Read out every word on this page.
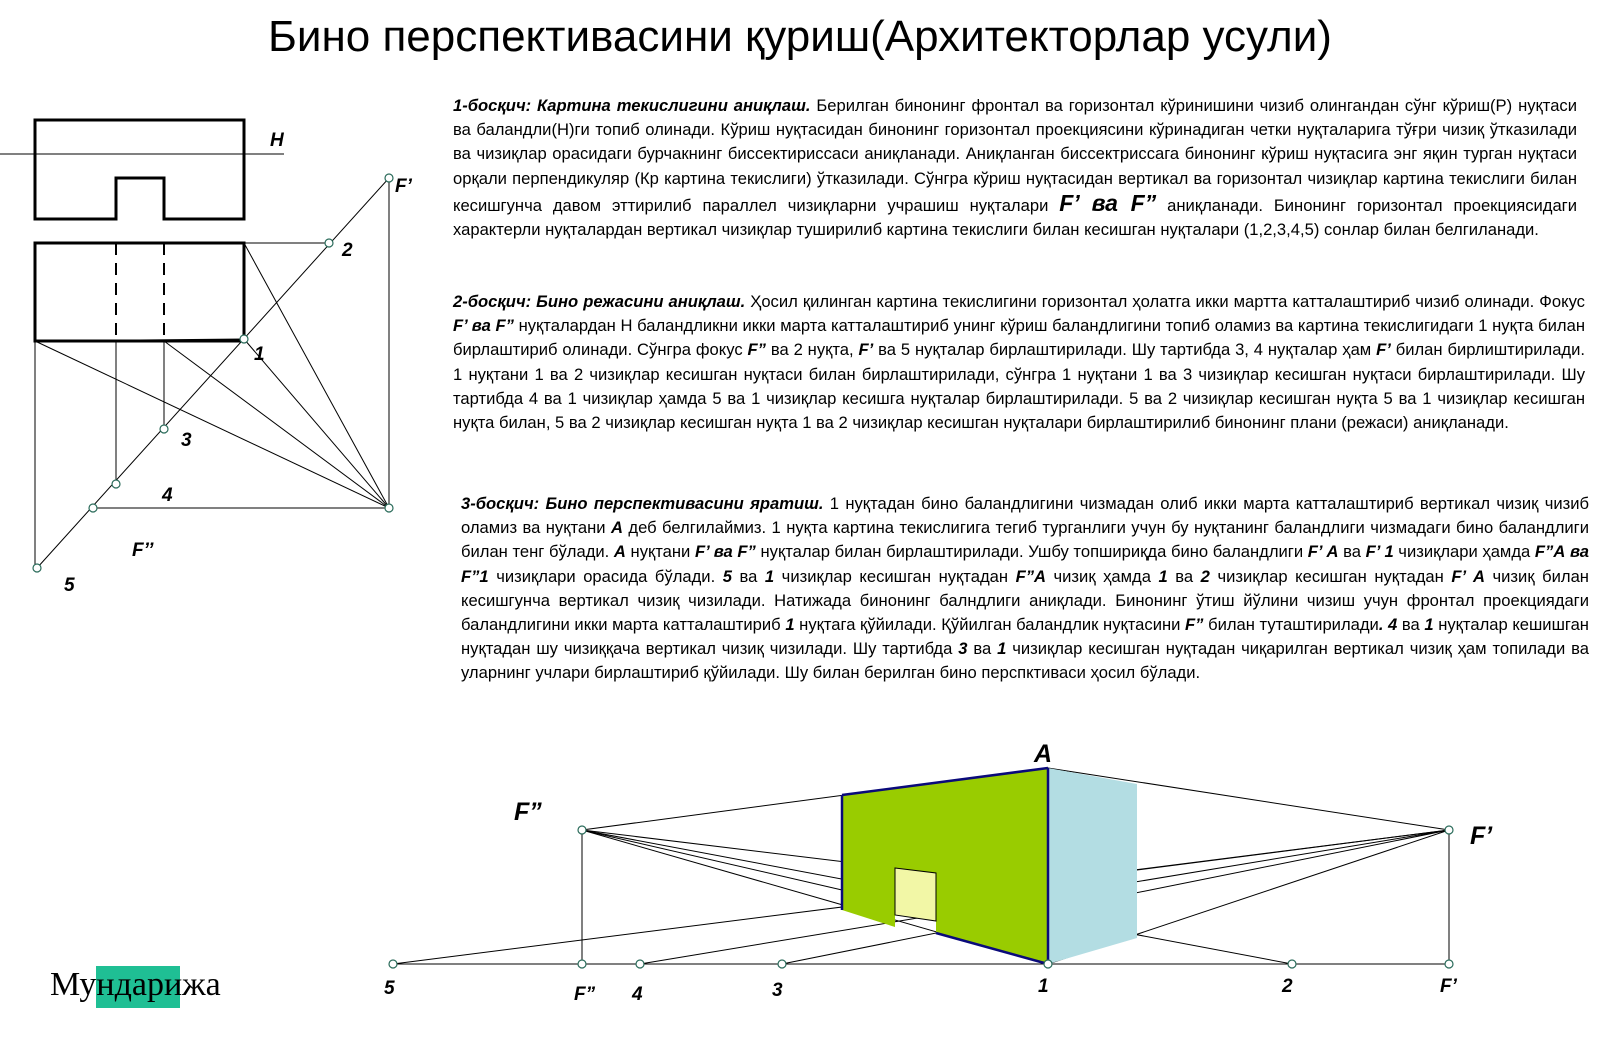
Бино перспективасини қуриш(Архитекторлар усули)
1-босқич: Картина текислигини аниқлаш. Берилган бинонинг фронтал ва горизонтал кўринишини чизиб олингандан сўнг кўриш(P) нуқтаси ва баландли(Н)ги топиб олинади. Кўриш нуқтасидан бинонинг горизонтал проекциясини кўринадиган четки нуқталарига тўғри чизиқ ўтказилади ва чизиқлар орасидаги бурчакнинг биссектириссаси аниқланади. Аниқланган биссектриссага бинонинг кўриш нуқтасига энг яқин турган нуқтаси орқали перпендикуляр (Кр картина текислиги) ўтказилади. Сўнгра кўриш нуқтасидан вертикал ва горизонтал чизиқлар картина текислиги билан кесишгунча давом эттирилиб параллел чизиқларни учрашиш нуқталари F’ ва F” аниқланади. Бинонинг горизонтал проекциясидаги характерли нуқталардан вертикал чизиқлар туширилиб картина текислиги билан кесишган нуқталари (1,2,3,4,5) сонлар билан белгиланади.
2-босқич: Бино режасини аниқлаш. Ҳосил қилинган картина текислигини горизонтал ҳолатга икки мартта катталаштириб чизиб олинади. Фокус F’ ва F” нуқталардан Н баландликни икки марта катталаштириб унинг кўриш баландлигини топиб оламиз ва картина текислигидаги 1 нуқта билан бирлаштириб олинади. Сўнгра фокус F” ва 2 нуқта, F’ ва 5 нуқталар бирлаштирилади. Шу тартибда 3, 4 нуқталар ҳам F’ билан бирлиштирилади. 1 нуқтани 1 ва 2 чизиқлар кесишган нуқтаси билан бирлаштирилади, сўнгра 1 нуқтани 1 ва 3 чизиқлар кесишган нуқтаси бирлаштирилади. Шу тартибда 4 ва 1 чизиқлар ҳамда 5 ва 1 чизиқлар кесишга нуқталар бирлаштирилади. 5 ва 2 чизиқлар кесишган нуқта 5 ва 1 чизиқлар кесишган нуқта билан, 5 ва 2 чизиқлар кесишган нуқта 1 ва 2 чизиқлар кесишган нуқталари бирлаштирилиб бинонинг плани (режаси) аниқланади.
3-босқич: Бино перспективасини яратиш. 1 нуқтадан бино баландлигини чизмадан олиб икки марта катталаштириб вертикал чизиқ чизиб оламиз ва нуқтани А деб белгилаймиз. 1 нуқта картина текислигига тегиб турганлиги учун бу нуқтанинг баландлиги чизмадаги бино баландлиги билан тенг бўлади. А нуқтани F’ ва F” нуқталар билан бирлаштирилади. Ушбу топшириқда бино баландлиги F’ А ва F’ 1 чизиқлари ҳамда F”А ва F”1 чизиқлари орасида бўлади. 5 ва 1 чизиқлар кесишган нуқтадан F”А чизиқ ҳамда 1 ва 2 чизиқлар кесишган нуқтадан F’ А чизиқ билан кесишгунча вертикал чизиқ чизилади. Натижада бинонинг балндлиги аниқлади. Бинонинг ўтиш йўлини чизиш учун фронтал проекциядаги баландлигини икки марта катталаштириб 1 нуқтага қўйилади. Қўйилган баландлик нуқтасини F” билан туташтирилади. 4 ва 1 нуқталар кешишган нуқтадан шу чизиққача вертикал чизиқ чизилади. Шу тартибда 3 ва 1 чизиқлар кесишган нуқтадан чиқарилган вертикал чизиқ ҳам топилади ва уларнинг учлари бирлаштириб қўйилади. Шу билан берилган бино перспктиваси ҳосил бўлади.
Н
F’
2
1
3
4
F’’
5
А
F”
F’
5	F” 4	3	1	2	F’
Мундарижа
